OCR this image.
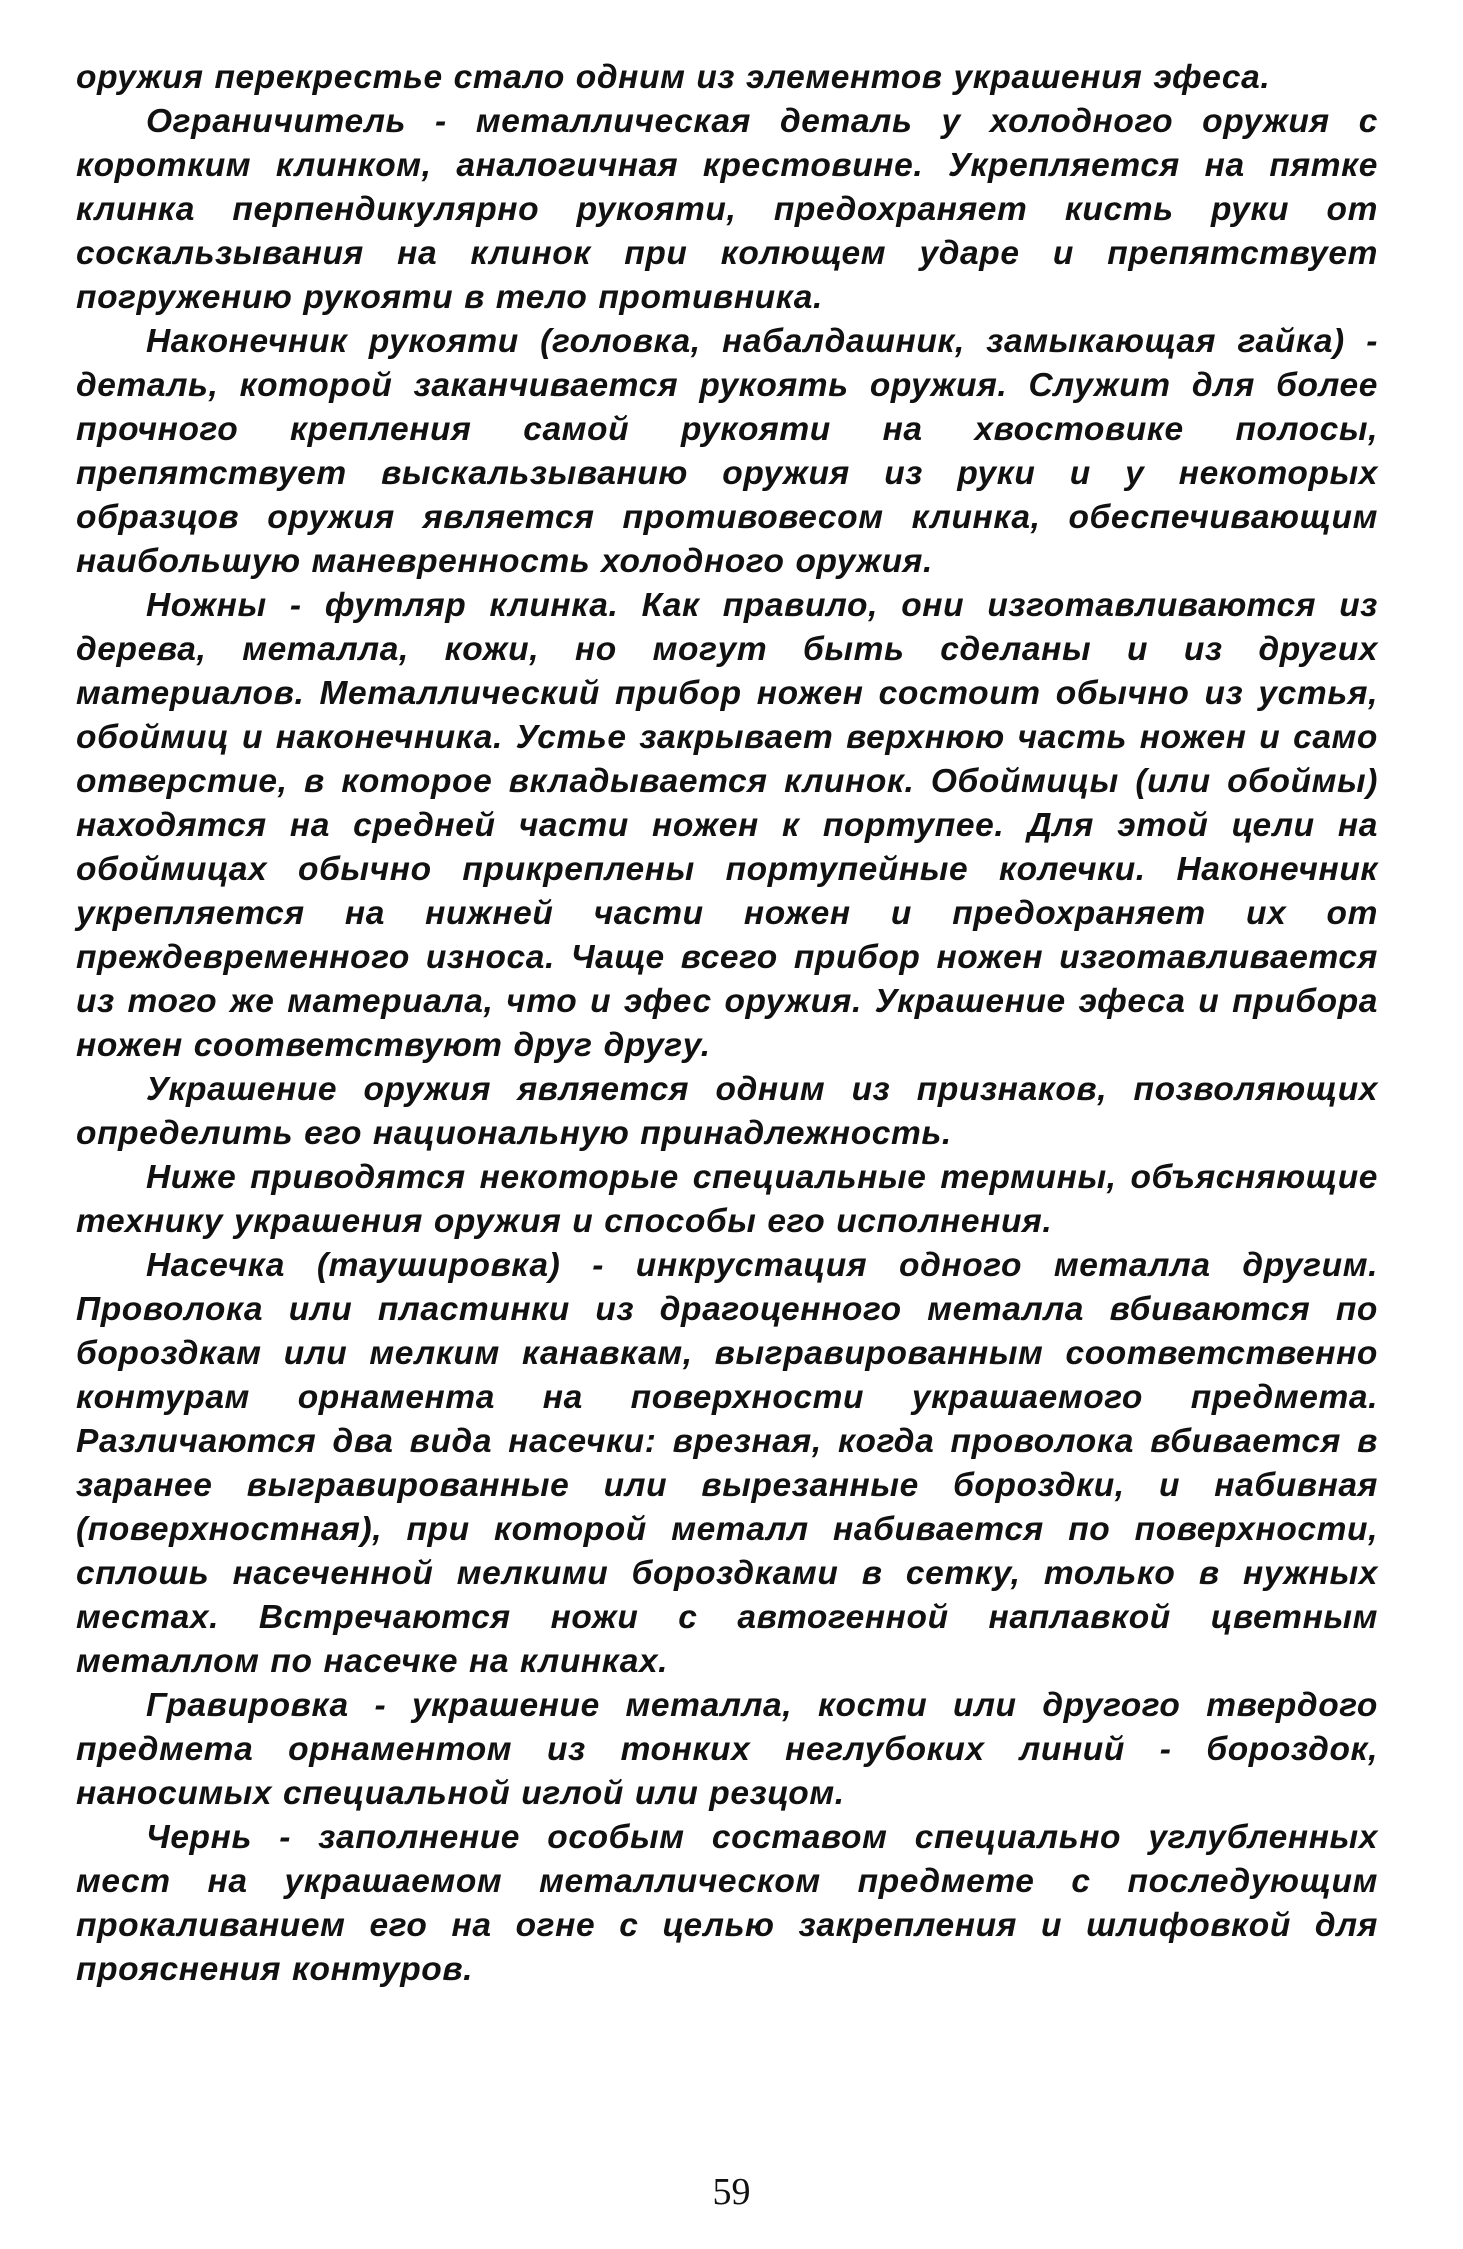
оружия перекрестье стало одним из элементов украшения эфеса.

Ограничитель - металлическая деталь у холодного оружия с коротким клинком, аналогичная крестовине. Укрепляется на пятке клинка перпендикулярно рукояти, предохраняет кисть руки от соскальзывания на клинок при колющем ударе и препятствует погружению рукояти в тело противника.

Наконечник рукояти (головка, набалдашник, замыкающая гайка) - деталь, которой заканчивается рукоять оружия. Служит для более прочного крепления самой рукояти на хвостовике полосы, препятствует выскальзыванию оружия из руки и у некоторых образцов оружия является противовесом клинка, обеспечивающим наибольшую маневренность холодного оружия.

Ножны - футляр клинка. Как правило, они изготавливаются из дерева, металла, кожи, но могут быть сделаны и из других материалов. Металлический прибор ножен состоит обычно из устья, обоймиц и наконечника. Устье закрывает верхнюю часть ножен и само отверстие, в которое вкладывается клинок. Обоймицы (или обоймы) находятся на средней части ножен к портупее. Для этой цели на обоймицах обычно прикреплены портупейные колечки. Наконечник укрепляется на нижней части ножен и предохраняет их от преждевременного износа. Чаще всего прибор ножен изготавливается из того же материала, что и эфес оружия. Украшение эфеса и прибора ножен соответствуют друг другу.

Украшение оружия является одним из признаков, позволяющих определить его национальную принадлежность.

Ниже приводятся некоторые специальные термины, объясняющие технику украшения оружия и способы его исполнения.

Насечка (таушировка) - инкрустация одного металла другим. Проволока или пластинки из драгоценного металла вбиваются по бороздкам или мелким канавкам, выгравированным соответственно контурам орнамента на поверхности украшаемого предмета. Различаются два вида насечки: врезная, когда проволока вбивается в заранее выгравированные или вырезанные бороздки, и набивная (поверхностная), при которой металл набивается по поверхности, сплошь насеченной мелкими бороздками в сетку, только в нужных местах. Встречаются ножи с автогенной наплавкой цветным металлом по насечке на клинках.

Гравировка - украшение металла, кости или другого твердого предмета орнаментом из тонких неглубоких линий - бороздок, наносимых специальной иглой или резцом.

Чернь - заполнение особым составом специально углубленных мест на украшаемом металлическом предмете с последующим прокаливанием его на огне с целью закрепления и шлифовкой для прояснения контуров.

59
